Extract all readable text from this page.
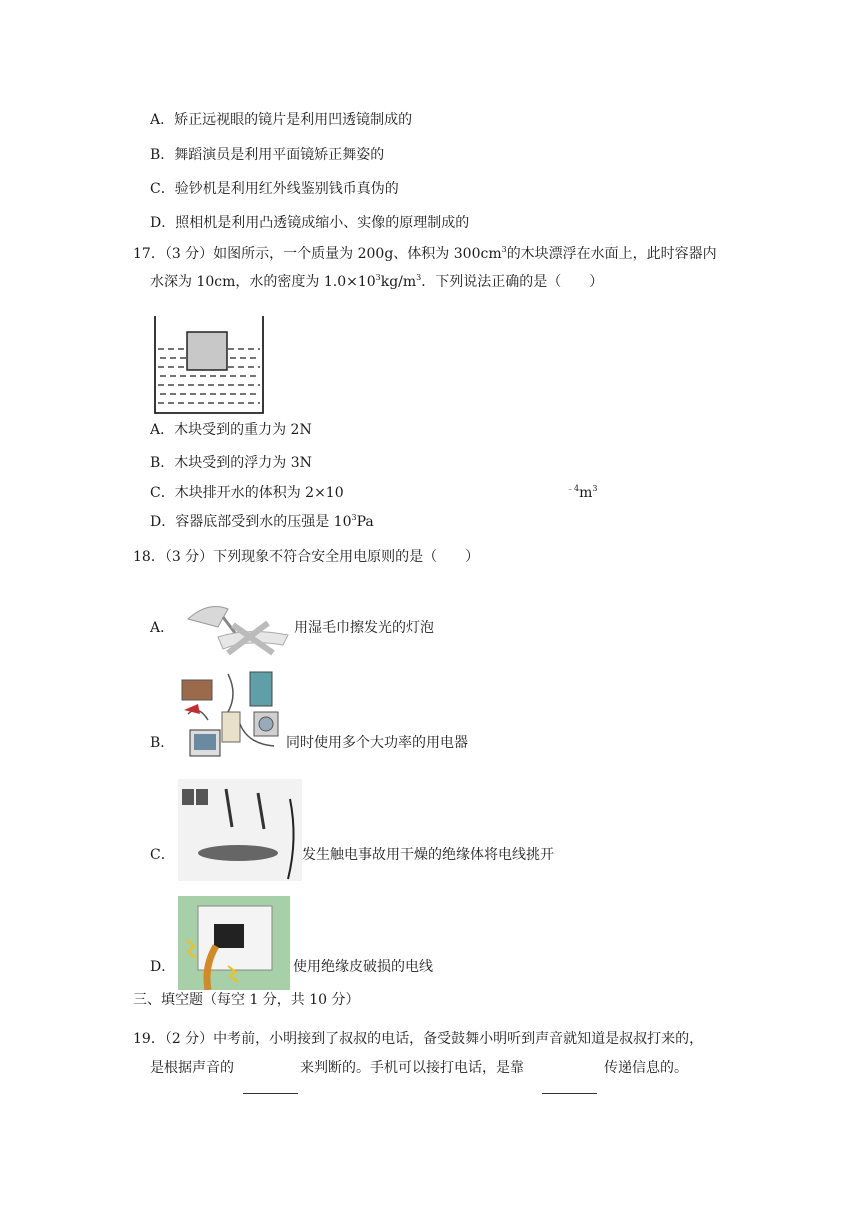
A．矫正远视眼的镜片是利用凹透镜制成的
B．舞蹈演员是利用平面镜矫正舞姿的
C．验钞机是利用红外线鉴别钱币真伪的
D．照相机是利用凸透镜成缩小、实像的原理制成的
17．（3 分）如图所示，一个质量为 200g、体积为 $300cm^3$的木块漂浮在水面上，此时容器内
水深为 10cm，水的密度为 $1.0\times 10^3kg/m^3$．下列说法正确的是（　　）
A．木块受到的重力为 2N
B．木块受到的浮力为 3N
C．木块排开水的体积为 2×10	$^{﹣4}m^3$
D．容器底部受到水的压强是 $10^3Pa$
18．（3 分）下列现象不符合安全用电原则的是（　　）
A．	用湿毛巾擦发光的灯泡
B．	同时使用多个大功率的用电器
C．	发生触电事故用干燥的绝缘体将电线挑开
D．	使用绝缘皮破损的电线
三、填空题（每空 1 分，共 10 分）
19．（2 分）中考前，小明接到了叔叔的电话，备受鼓舞小明听到声音就知道是叔叔打来的，
是根据声音的	来判断的。手机可以接打电话，是靠	传递信息的。
